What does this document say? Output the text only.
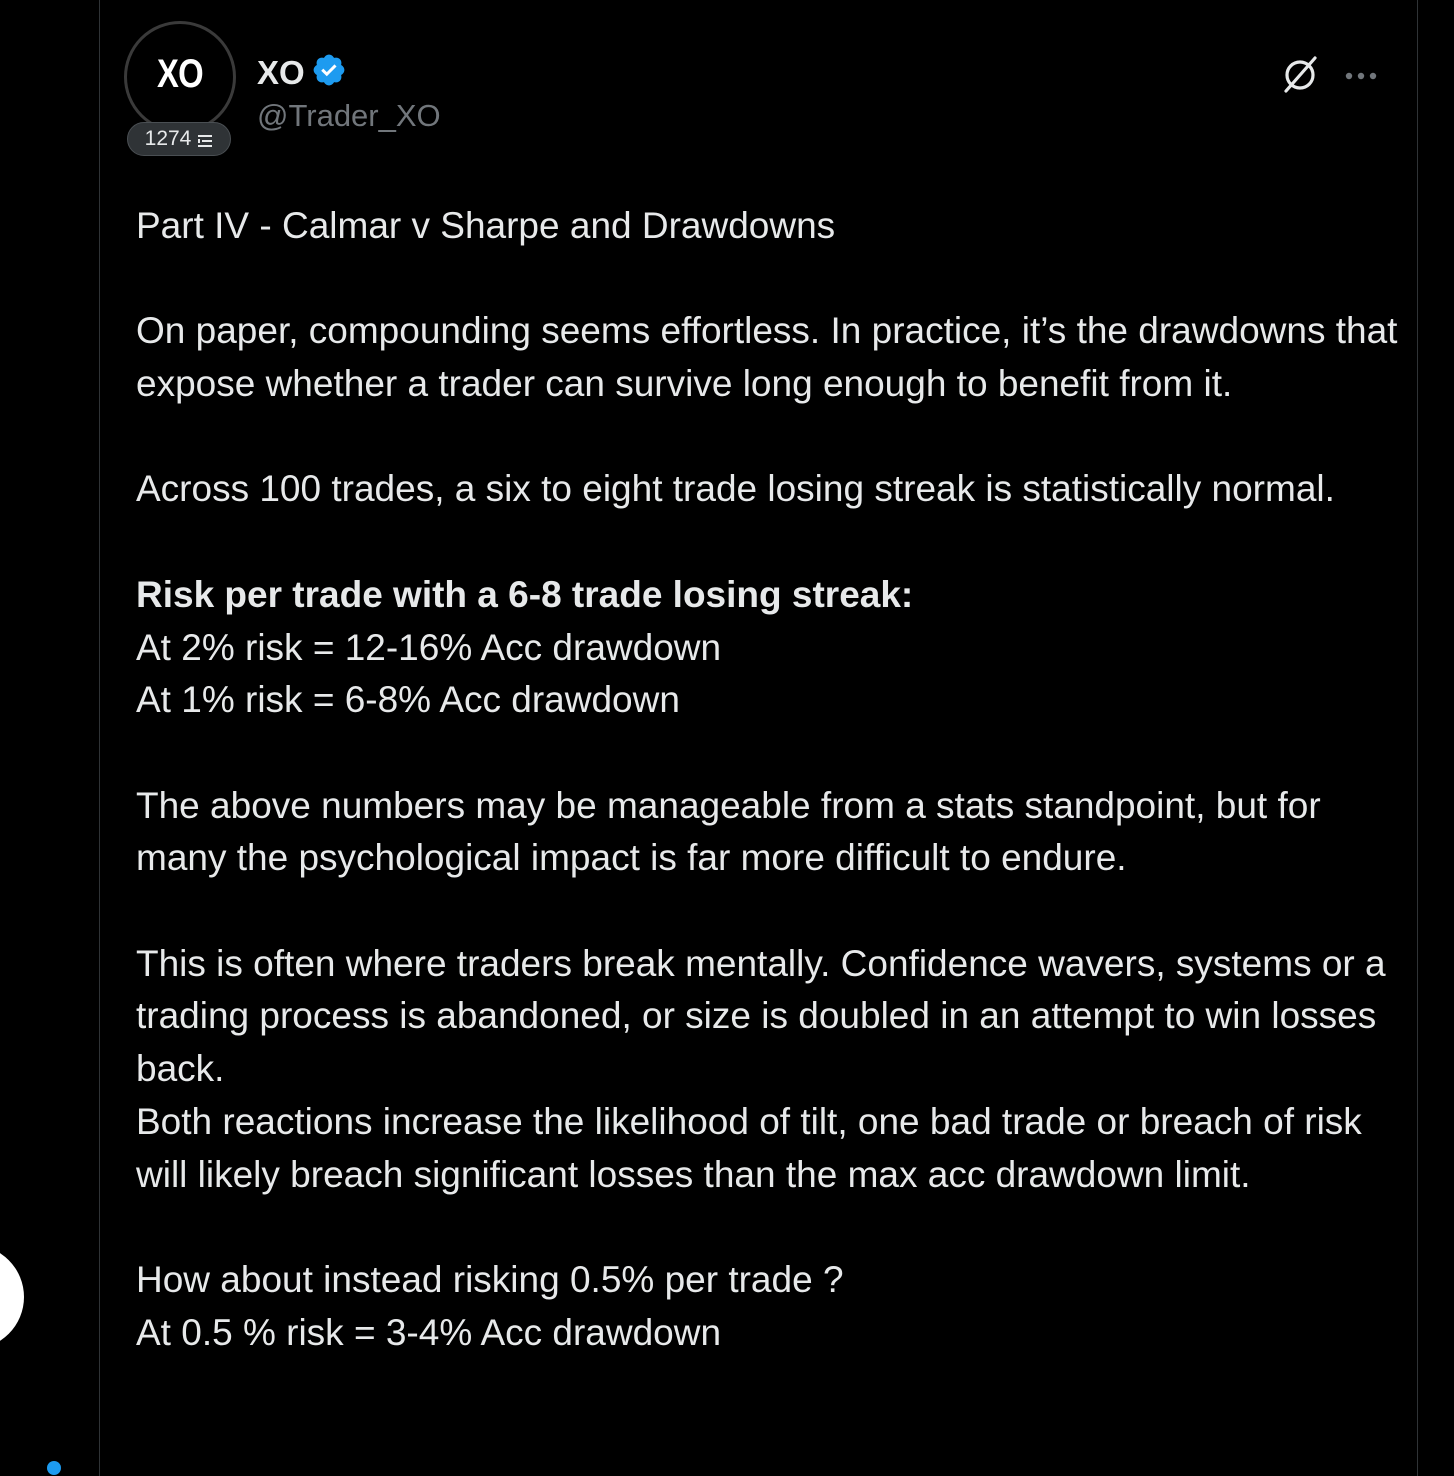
XO
1274
XO
@Trader_XO

Part IV - Calmar v Sharpe and Drawdowns

On paper, compounding seems effortless. In practice, it’s the drawdowns that expose whether a trader can survive long enough to benefit from it.

Across 100 trades, a six to eight trade losing streak is statistically normal.

Risk per trade with a 6-8 trade losing streak:

At 2% risk = 12-16% Acc drawdown

At 1% risk = 6-8% Acc drawdown

The above numbers may be manageable from a stats standpoint, but for many the psychological impact is far more difficult to endure.

This is often where traders break mentally. Confidence wavers, systems or a trading process is abandoned, or size is doubled in an attempt to win losses back.

Both reactions increase the likelihood of tilt, one bad trade or breach of risk will likely breach significant losses than the max acc drawdown limit.

How about instead risking 0.5% per trade ?

At 0.5 % risk = 3-4% Acc drawdown
